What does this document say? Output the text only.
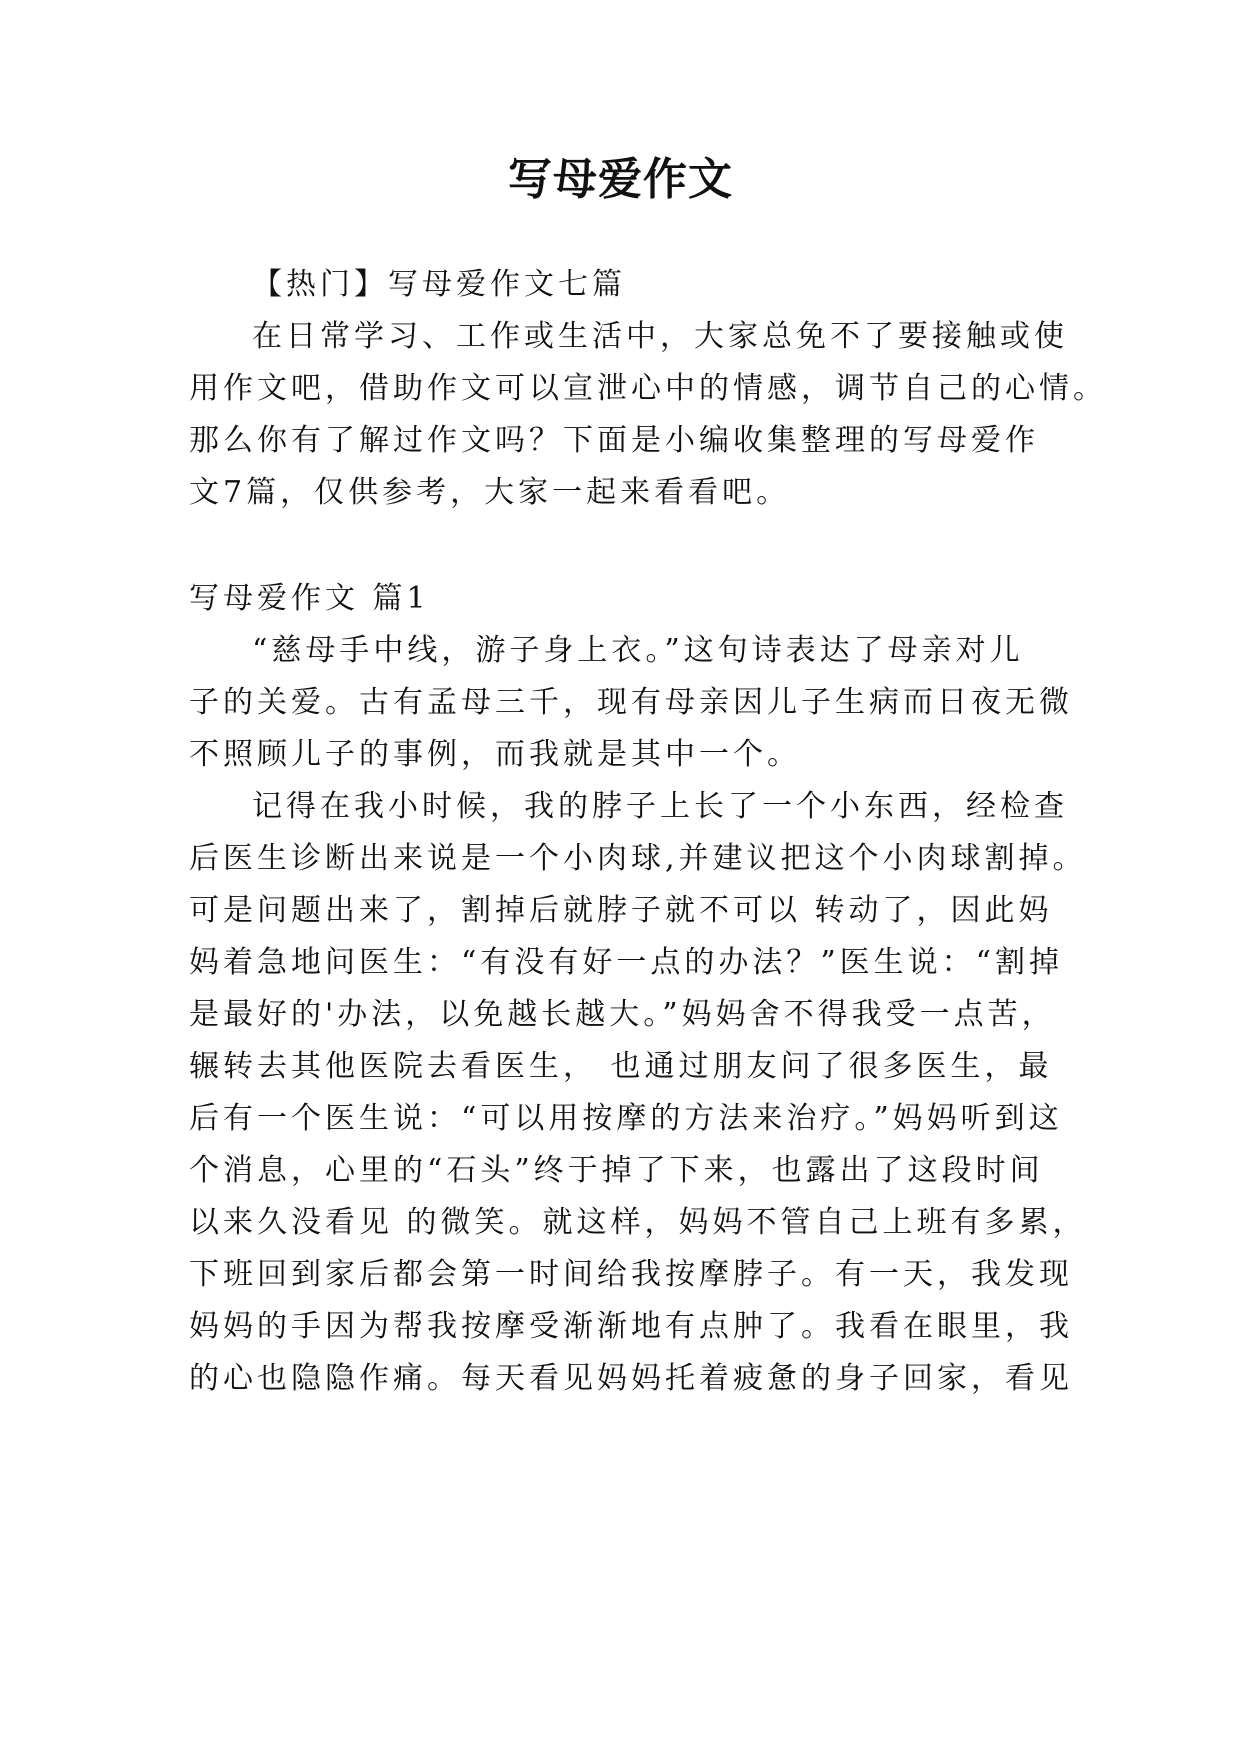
写母爱作文
【热门】写母爱作文七篇
在日常学习、工作或生活中，大家总免不了要接触或使
用作文吧，借助作文可以宣泄心中的情感，调节自己的心情。
那么你有了解过作文吗？下面是小编收集整理的写母爱作
文7篇，仅供参考，大家一起来看看吧。
写母爱作文 篇1
“慈母手中线，游子身上衣。”这句诗表达了母亲对儿
子的关爱。古有孟母三千，现有母亲因儿子生病而日夜无微
不照顾儿子的事例，而我就是其中一个。
记得在我小时候，我的脖子上长了一个小东西，经检查
后医生诊断出来说是一个小肉球,并建议把这个小肉球割掉。
可是问题出来了，割掉后就脖子就不可以 转动了，因此妈
妈着急地问医生：“有没有好一点的办法？”医生说：“割掉
是最好的'办法，以免越长越大。”妈妈舍不得我受一点苦，
辗转去其他医院去看医生， 也通过朋友问了很多医生，最
后有一个医生说：“可以用按摩的方法来治疗。”妈妈听到这
个消息，心里的“石头”终于掉了下来，也露出了这段时间
以来久没看见 的微笑。就这样，妈妈不管自己上班有多累，
下班回到家后都会第一时间给我按摩脖子。有一天，我发现
妈妈的手因为帮我按摩受渐渐地有点肿了。我看在眼里，我
的心也隐隐作痛。每天看见妈妈托着疲惫的身子回家，看见
